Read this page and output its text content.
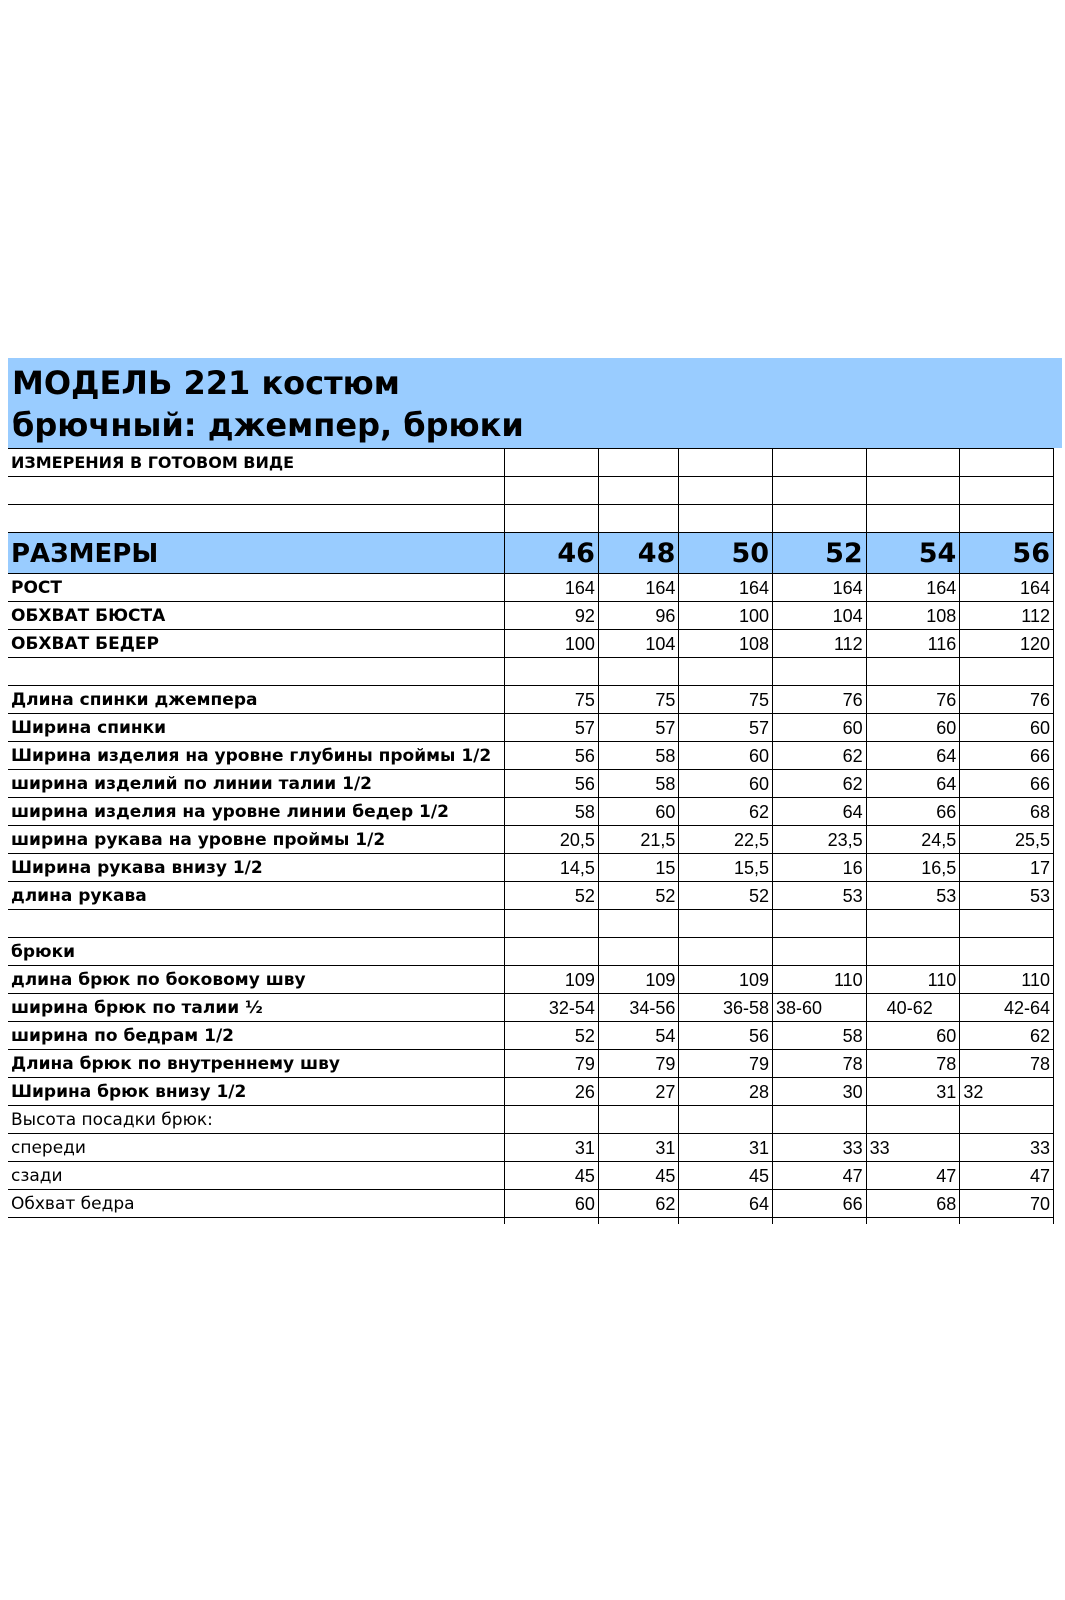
МОДЕЛЬ 221 костюм
брючный: джемпер, брюки
ИЗМЕРЕНИЯ В ГОТОВОМ ВИДЕ						

РАЗМЕРЫ	46	48	50	52	54	56
РОСТ	164	164	164	164	164	164
ОБХВАТ БЮСТА	92	96	100	104	108	112
ОБХВАТ БЕДЕР	100	104	108	112	116	120

Длина спинки джемпера	75	75	75	76	76	76
Ширина спинки	57	57	57	60	60	60
Ширина изделия на уровне глубины проймы 1/2	56	58	60	62	64	66
ширина изделий по линии талии 1/2	56	58	60	62	64	66
ширина изделия на уровне линии бедер 1/2	58	60	62	64	66	68
ширина рукава на уровне проймы 1/2	20,5	21,5	22,5	23,5	24,5	25,5
Ширина рукава внизу 1/2	14,5	15	15,5	16	16,5	17
длина рукава	52	52	52	53	53	53

брюки						
длина брюк по боковому шву	109	109	109	110	110	110
ширина брюк по талии ½	32-54	34-56	36-58	38-60	40-62	42-64
ширина по бедрам 1/2	52	54	56	58	60	62
Длина брюк по внутреннему шву	79	79	79	78	78	78
Ширина брюк внизу 1/2	26	27	28	30	31	32
Высота посадки брюк:						
спереди	31	31	31	33	33	33
сзади	45	45	45	47	47	47
Обхват бедра	60	62	64	66	68	70
